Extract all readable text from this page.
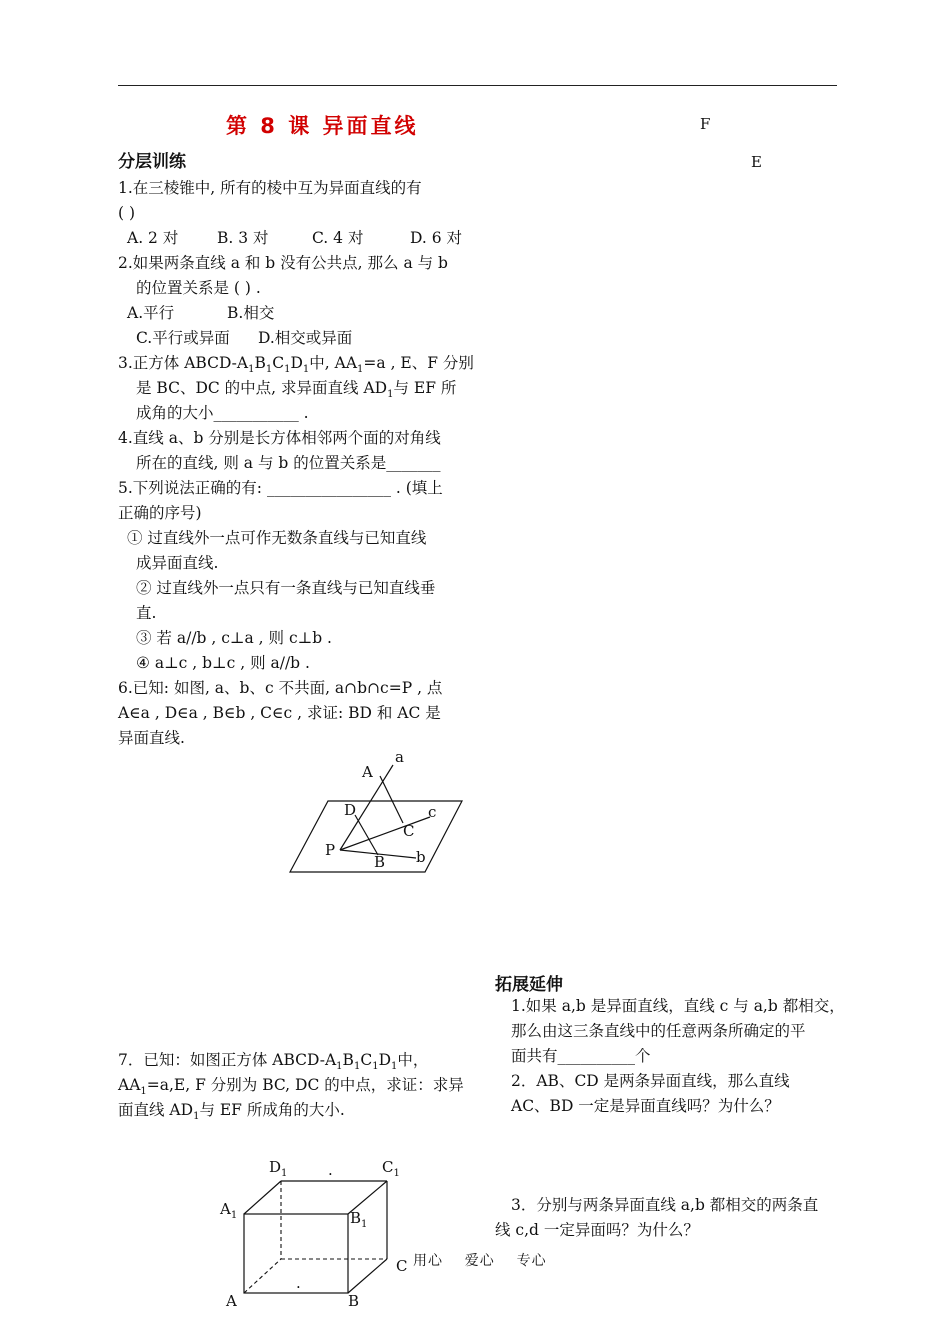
第 8 课 异面直线	F
E
分层训练
1.在三棱锥中, 所有的棱中互为异面直线的有
( )
A. 2 对 B. 3 对	C. 4 对	D. 6 对
2.如果两条直线 a 和 b 没有公共点, 那么 a 与 b
的位置关系是 ( ) .
A.平行	B.相交
C.平行或异面 D.相交或异面
3.正方体 ABCD-$A_1B_1C_1D_1$中, $AA_1=a$ , E、F 分别
是 BC、DC 的中点, 求异面直线 $AD_1$与 EF 所
成角的大小___________ .
4.直线 a、b 分别是长方体相邻两个面的对角线
所在的直线, 则 a 与 b 的位置关系是_______
5.下列说法正确的有: ________________ . (填上
正确的序号)
① 过直线外一点可作无数条直线与已知直线
成异面直线.
② 过直线外一点只有一条直线与已知直线垂
直.
③ 若 a//b , c⊥a , 则 c⊥b .
④ a⊥c , b⊥c , 则 a//b .
6.已知: 如图, a、b、c 不共面, a∩b∩c=P , 点
A∈a , D∈a , B∈b , C∈c , 求证: BD 和 AC 是
异面直线.
A
a
D	c
C
P
B b
7．已知：如图正方体 ABCD-$A_1B_1C_1D_1$中，
$AA_1=a,E$, F 分别为 BC, DC 的中点，求证：求异
面直线 $AD_1$与 EF 所成角的大小.
$D_1$	.	$C_1$
$A_1$	$B_1$
C
.
A	B
拓展延伸
1.如果 a,b 是异面直线，直线 c 与 a,b 都相交，
那么由这三条直线中的任意两条所确定的平
面共有__________个
2．AB、CD 是两条异面直线，那么直线
AC、BD 一定是异面直线吗？为什么？
3．分别与两条异面直线 a,b 都相交的两条直
线 c,d 一定异面吗？为什么？
用心    爱心    专心
